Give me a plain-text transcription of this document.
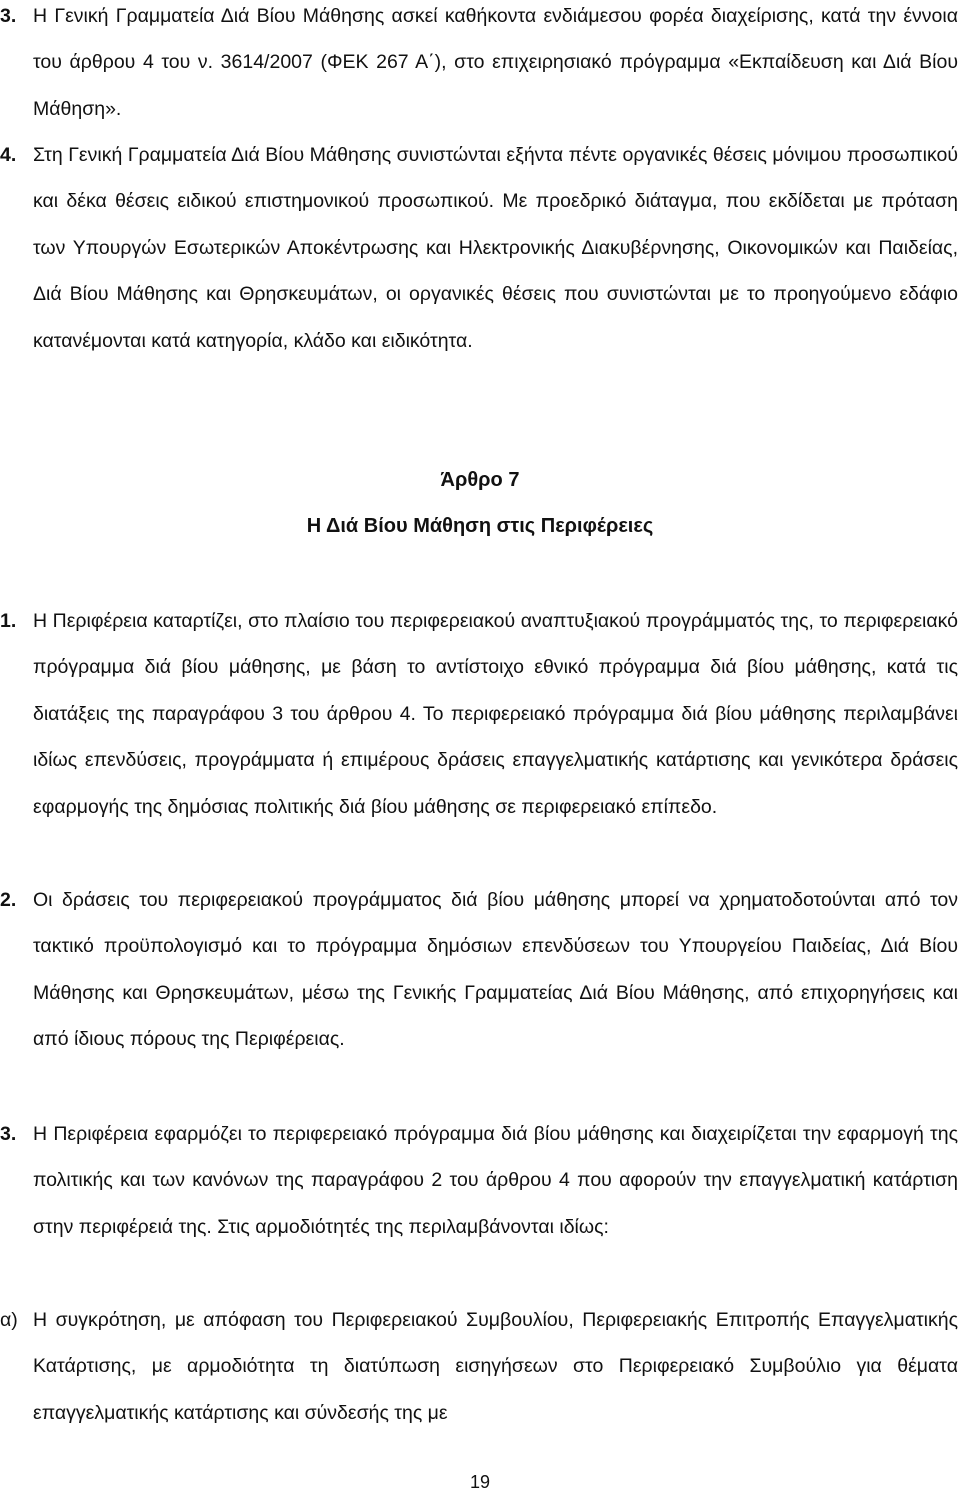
3. Η Γενική Γραμματεία Διά Βίου Μάθησης ασκεί καθήκοντα ενδιάμεσου φορέα διαχείρισης, κατά την έννοια του άρθρου 4 του ν. 3614/2007 (ΦΕΚ 267 Α΄), στο επιχειρησιακό πρόγραμμα «Εκπαίδευση και Διά Βίου Μάθηση».

4. Στη Γενική Γραμματεία Διά Βίου Μάθησης συνιστώνται εξήντα πέντε οργανικές θέσεις μόνιμου προσωπικού και δέκα θέσεις ειδικού επιστημονικού προσωπικού. Με προεδρικό διάταγμα, που εκδίδεται με πρόταση των Υπουργών Εσωτερικών Αποκέντρωσης και Ηλεκτρονικής Διακυβέρνησης, Οικονομικών και Παιδείας, Διά Βίου Μάθησης και Θρησκευμάτων, οι οργανικές θέσεις που συνιστώνται με το προηγούμενο εδάφιο κατανέμονται κατά κατηγορία, κλάδο και ειδικότητα.

Άρθρο 7
Η Διά Βίου Μάθηση στις Περιφέρειες

1. Η Περιφέρεια καταρτίζει, στο πλαίσιο του περιφερειακού αναπτυξιακού προγράμματός της, το περιφερειακό πρόγραμμα διά βίου μάθησης, με βάση το αντίστοιχο εθνικό πρόγραμμα διά βίου μάθησης, κατά τις διατάξεις της παραγράφου 3 του άρθρου 4. Το περιφερειακό πρόγραμμα διά βίου μάθησης περιλαμβάνει ιδίως επενδύσεις, προγράμματα ή επιμέρους δράσεις επαγγελματικής κατάρτισης και γενικότερα δράσεις εφαρμογής της δημόσιας πολιτικής διά βίου μάθησης σε περιφερειακό επίπεδο.

2. Οι δράσεις του περιφερειακού προγράμματος διά βίου μάθησης μπορεί να χρηματοδοτούνται από τον τακτικό προϋπολογισμό και το πρόγραμμα δημόσιων επενδύσεων του Υπουργείου Παιδείας, Διά Βίου Μάθησης και Θρησκευμάτων, μέσω της Γενικής Γραμματείας Διά Βίου Μάθησης, από επιχορηγήσεις και από ίδιους πόρους της Περιφέρειας.

3. Η Περιφέρεια εφαρμόζει το περιφερειακό πρόγραμμα διά βίου μάθησης και διαχειρίζεται την εφαρμογή της πολιτικής και των κανόνων της παραγράφου 2 του άρθρου 4 που αφορούν την επαγγελματική κατάρτιση στην περιφέρειά της. Στις αρμοδιότητές της περιλαμβάνονται ιδίως:

α) Η συγκρότηση, με απόφαση του Περιφερειακού Συμβουλίου, Περιφερειακής Επιτροπής Επαγγελματικής Κατάρτισης, με αρμοδιότητα τη διατύπωση εισηγήσεων στο Περιφερειακό Συμβούλιο για θέματα επαγγελματικής κατάρτισης και σύνδεσής της με

19
